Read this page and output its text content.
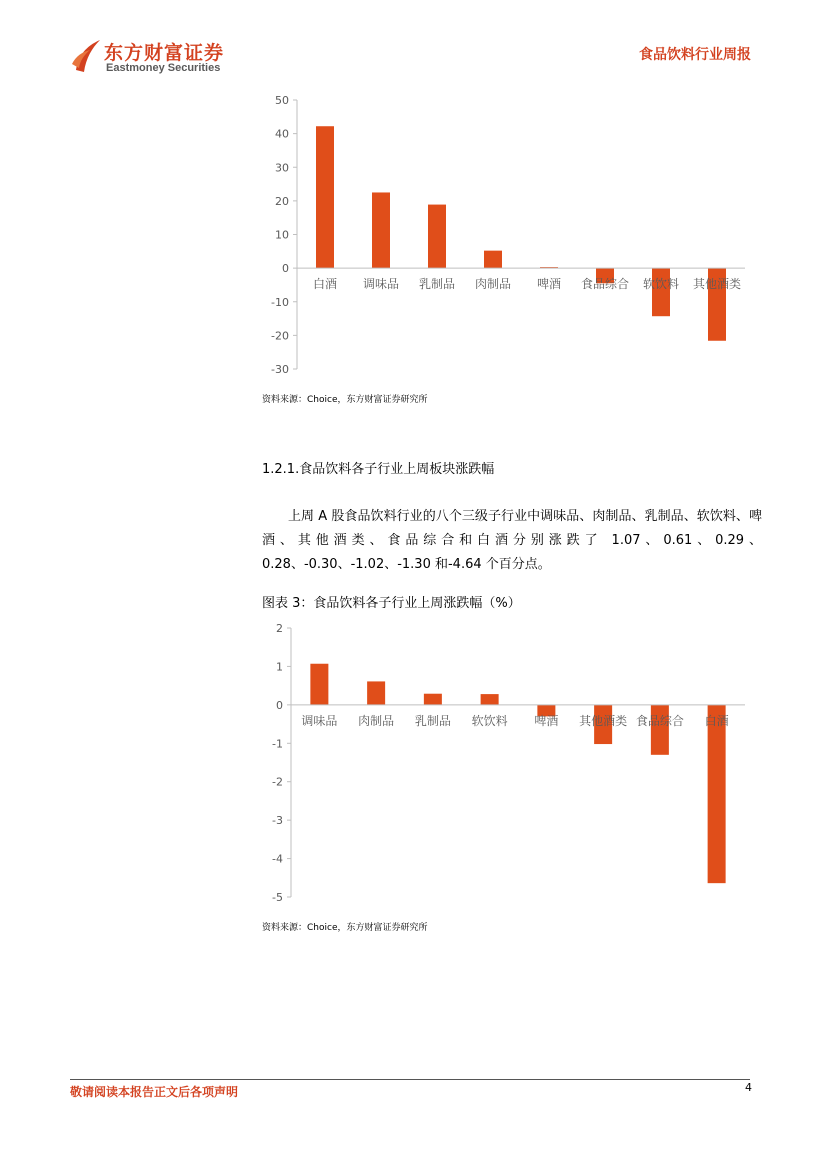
东方财富证券
Eastmoney Securities
食品饮料行业周报
50
40
30
20
10
0
-10
-20
-30
白酒 调味品 乳制品 肉制品 啤酒 食品综合 软饮料 其他酒类
资料来源：Choice，东方财富证券研究所
1.2.1.食品饮料各子行业上周板块涨跌幅
上周 A 股食品饮料行业的八个三级子行业中调味品、肉制品、乳制品、软饮料、啤酒、其他酒类、食品综合和白酒分别涨跌了 1.07、0.61、0.29、0.28、-0.30、-1.02、-1.30 和-4.64 个百分点。
图表 3：食品饮料各子行业上周涨跌幅（%）
2
1
0
-1
-2
-3
-4
-5
调味品 肉制品 乳制品 软饮料 啤酒 其他酒类 食品综合 白酒
资料来源：Choice，东方财富证券研究所
敬请阅读本报告正文后各项声明	4
